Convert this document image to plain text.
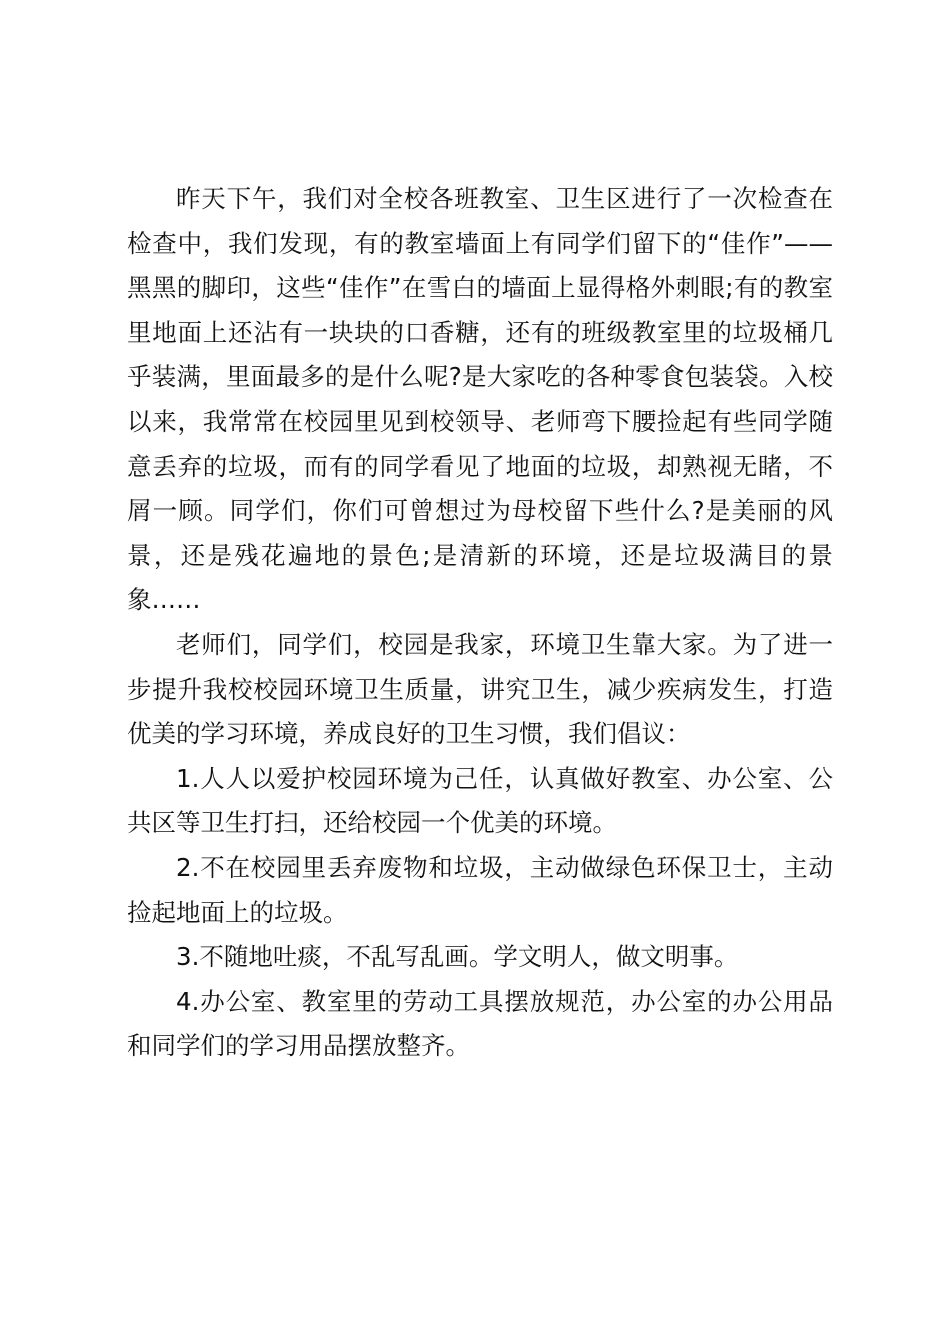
昨天下午，我们对全校各班教室、卫生区进行了一次检查在检查中，我们发现，有的教室墙面上有同学们留下的“佳作”——黑黑的脚印，这些“佳作”在雪白的墙面上显得格外刺眼;有的教室里地面上还沾有一块块的口香糖，还有的班级教室里的垃圾桶几乎装满，里面最多的是什么呢?是大家吃的各种零食包装袋。入校以来，我常常在校园里见到校领导、老师弯下腰捡起有些同学随意丢弃的垃圾，而有的同学看见了地面的垃圾，却熟视无睹，不屑一顾。同学们，你们可曾想过为母校留下些什么?是美丽的风景，还是残花遍地的景色;是清新的环境，还是垃圾满目的景象……

老师们，同学们，校园是我家，环境卫生靠大家。为了进一步提升我校校园环境卫生质量，讲究卫生，减少疾病发生，打造优美的学习环境，养成良好的卫生习惯，我们倡议：

1.人人以爱护校园环境为己任，认真做好教室、办公室、公共区等卫生打扫，还给校园一个优美的环境。

2.不在校园里丢弃废物和垃圾，主动做绿色环保卫士，主动捡起地面上的垃圾。

3.不随地吐痰，不乱写乱画。学文明人，做文明事。

4.办公室、教室里的劳动工具摆放规范，办公室的办公用品和同学们的学习用品摆放整齐。
